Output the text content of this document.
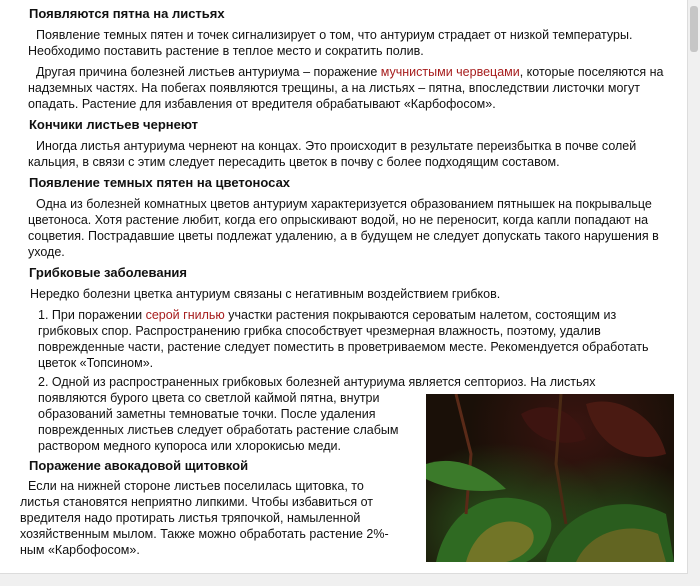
Появляются пятна на листьях

Появление темных пятен и точек сигнализирует о том, что антуриум страдает от низкой температуры. Необходимо поставить растение в теплое место и сократить полив.

Другая причина болезней листьев антуриума – поражение мучнистыми червецами, которые поселяются на надземных частях. На побегах появляются трещины, а на листьях – пятна, впоследствии листочки могут опадать. Растение для избавления от вредителя обрабатывают «Карбофосом».

Кончики листьев чернеют

Иногда листья антуриума чернеют на концах. Это происходит в результате переизбытка в почве солей кальция, в связи с этим следует пересадить цветок в почву с более подходящим составом.

Появление темных пятен на цветоносах

Одна из болезней комнатных цветов антуриум характеризуется образованием пятнышек на покрывальце цветоноса. Хотя растение любит, когда его опрыскивают водой, но не переносит, когда капли попадают на соцветия. Пострадавшие цветы подлежат удалению, а в будущем не следует допускать такого нарушения в уходе.

Грибковые заболевания

Нередко болезни цветка антуриум связаны с негативным воздействием грибков.

1. При поражении серой гнилью участки растения покрываются сероватым налетом, состоящим из грибковых спор. Распространению грибка способствует чрезмерная влажность, поэтому, удалив поврежденные части, растение следует поместить в проветриваемом месте. Рекомендуется обработать цветок «Топсином».

2. Одной из распространенных грибковых болезней антуриума является септориоз. На листьях

появляются бурого цвета со светлой каймой пятна, внутри образований заметны темноватые точки. После удаления поврежденных листьев следует обработать растение слабым раствором медного купороса или хлорокисью меди.

Поражение авокадовой щитовкой

Если на нижней стороне листьев поселилась щитовка, то листья становятся неприятно липкими. Чтобы избавиться от вредителя надо протирать листья тряпочкой, намыленной хозяйственным мылом. Также можно обработать растение 2%-ным «Карбофосом».
